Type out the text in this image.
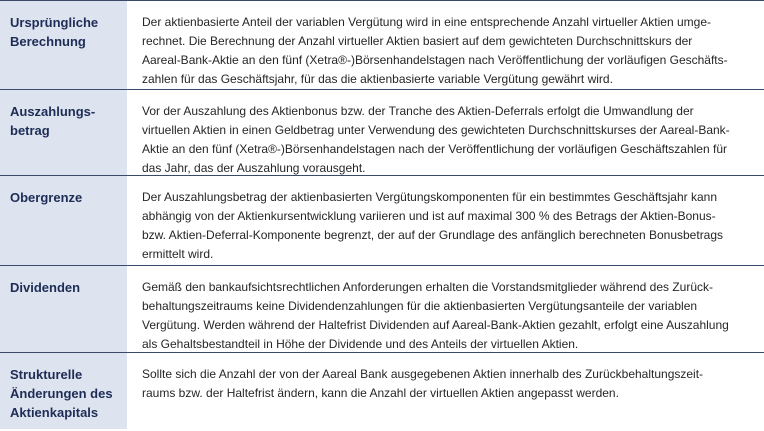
Ursprüngliche
Berechnung
Der aktienbasierte Anteil der variablen Vergütung wird in eine entsprechende Anzahl virtueller Aktien umge-
rechnet. Die Berechnung der Anzahl virtueller Aktien basiert auf dem gewichteten Durchschnittskurs der
Aareal-Bank-Aktie an den fünf (Xetra®-)Börsenhandelstagen nach Veröffentlichung der vorläufigen Geschäfts-
zahlen für das Geschäftsjahr, für das die aktienbasierte variable Vergütung gewährt wird.
Auszahlungs-
betrag
Vor der Auszahlung des Aktienbonus bzw. der Tranche des Aktien-Deferrals erfolgt die Umwandlung der
virtuellen Aktien in einen Geldbetrag unter Verwendung des gewichteten Durchschnittskurses der Aareal-Bank-
Aktie an den fünf (Xetra®-)Börsenhandelstagen nach der Veröffentlichung der vorläufigen Geschäftszahlen für
das Jahr, das der Auszahlung vorausgeht.
Obergrenze	Der Auszahlungsbetrag der aktienbasierten Vergütungskomponenten für ein bestimmtes Geschäftsjahr kann
abhängig von der Aktienkursentwicklung variieren und ist auf maximal 300 % des Betrags der Aktien-Bonus-
bzw. Aktien-Deferral-Komponente begrenzt, der auf der Grundlage des anfänglich berechneten Bonusbetrags
ermittelt wird.
Dividenden	Gemäß den bankaufsichtsrechtlichen Anforderungen erhalten die Vorstandsmitglieder während des Zurück-
behaltungszeitraums keine Dividendenzahlungen für die aktienbasierten Vergütungsanteile der variablen
Vergütung. Werden während der Haltefrist Dividenden auf Aareal-Bank-Aktien gezahlt, erfolgt eine Auszahlung
als Gehaltsbestandteil in Höhe der Dividende und des Anteils der virtuellen Aktien.
Strukturelle
Änderungen des
Aktienkapitals
Sollte sich die Anzahl der von der Aareal Bank ausgegebenen Aktien innerhalb des Zurückbehaltungszeit-
raums bzw. der Haltefrist ändern, kann die Anzahl der virtuellen Aktien angepasst werden.
